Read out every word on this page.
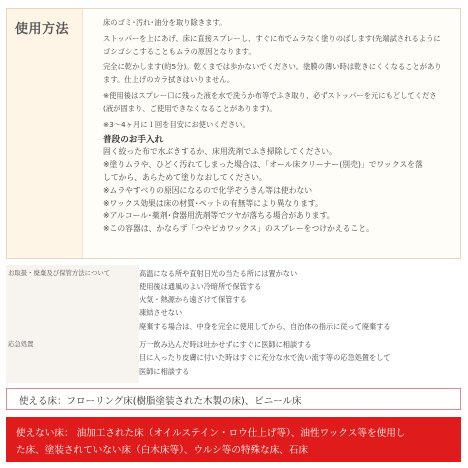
使用方法	床のゴミ･汚れ･油分を取り除きます。
ストッパーを上にあげ、床に直接スプレーし、すぐに布でムラなく塗りのばします(先端試されるように
ゴシゴシこすることもムラの原因となります。
完全に乾かします(約5分)。乾くまでは歩かないでください。塗膜の薄い時は乾きにくくなることがあり
ます。仕上げのカラ拭きはいりません。
※使用後はスプレー口に残った液を水で洗うか布等でふき取り、必ずストッパーを元にもどしてくださ
(液が固まり、ご使用できなくなることがあります)。
※3～4ヶ月に１回を目安にお使いください。
普段のお手入れ
固く絞った布で水ぶきするか、床用洗剤でふき掃除してください。
※塗りムラや、ひどく汚れてしまった場合は、「オール床クリーナー(別売)」でワックスを落
してから、あらためて塗りなおしてください。
※ムラやすべりの原因になるので化学ぞうきん等は使わない
※ワックス効果は床の材質･ペットの有無等により異なります。
※アルコール･薬剤･食器用洗剤等でツヤが落ちる場合があります。
※この容器は、かならず「つやピカワックス」のスプレーをつけかえること。
お取扱・廃棄及び保管方法について	高温になる所や直射日光の当たる所には置かない
使用後は通風のよい冷暗所で保管する
火気・熱源から遠ざけて保管する
凍結させない
廃棄する場合は、中身を完全に使用してから、自治体の指示に従って廃棄する
応急処置	万一飲み込んだ時は吐かせずにすぐに医師に相談する
目に入ったり皮膚に付いた時はすぐに充分な水で洗い流す等の応急処置をして
医師に相談する
使える床：フローリング床(樹脂塗装された木製の床)、ビニール床
使えない床： 油加工された床（オイルステイン・ロウ仕上げ等）、油性ワックス等を使用し
た床、塗装されていない床（白木床等）、ウルシ等の特殊な床、石床
